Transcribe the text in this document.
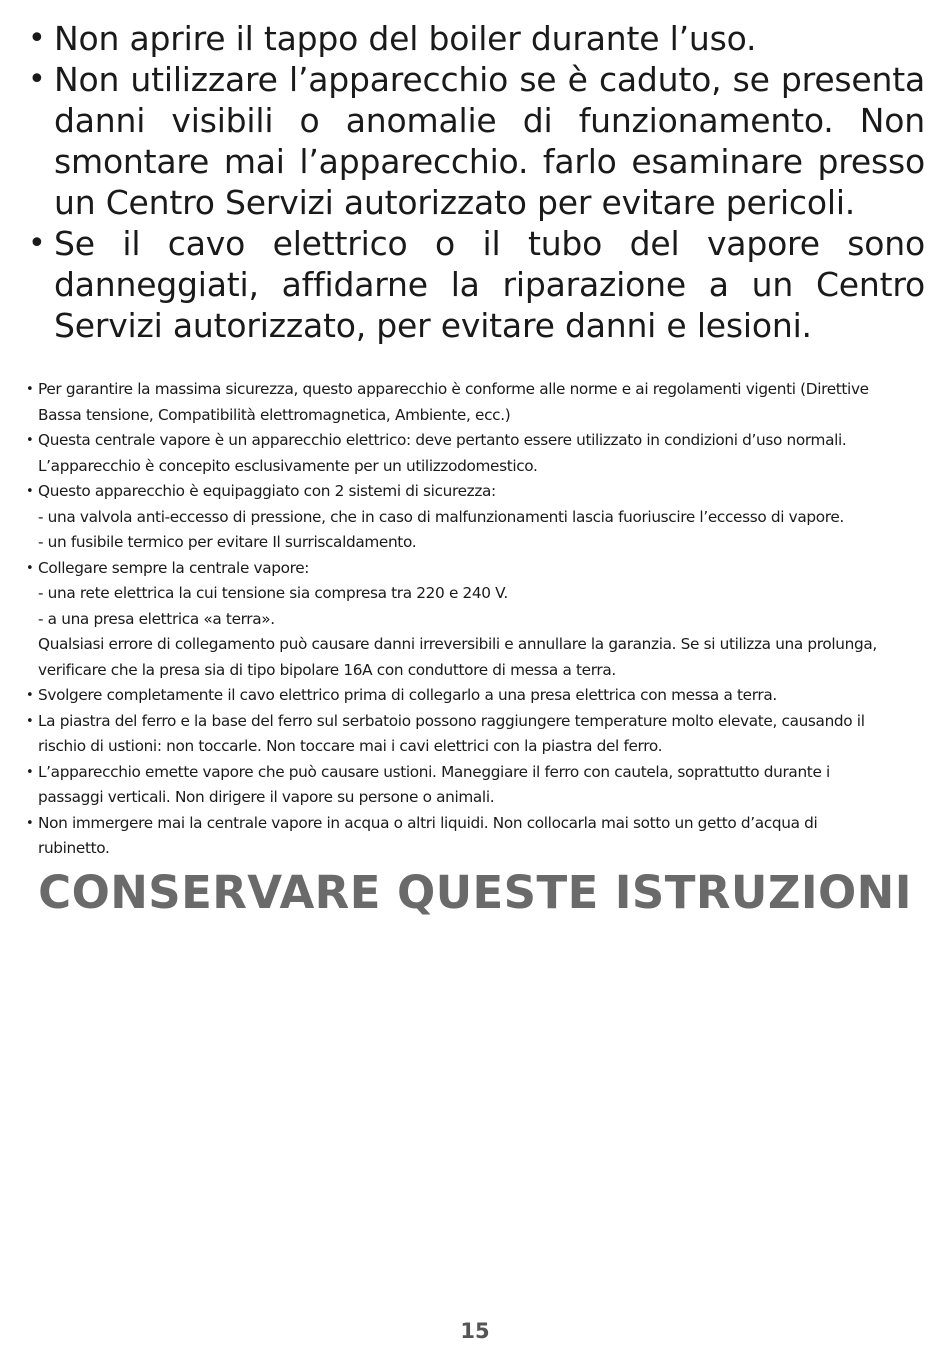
• Non aprire il tappo del boiler durante l’uso.
• Non utilizzare l’apparecchio se è caduto, se presenta danni visibili o anomalie di funzionamento. Non smontare mai l’apparecchio. farlo esaminare presso un Centro Servizi autorizzato per evitare pericoli.
• Se il cavo elettrico o il tubo del vapore sono danneggiati, affidarne la riparazione a un Centro Servizi autorizzato, per evitare danni e lesioni.
• Per garantire la massima sicurezza, questo apparecchio è conforme alle norme e ai regolamenti vigenti (Direttive
Bassa tensione, Compatibilità elettromagnetica, Ambiente, ecc.)
• Questa centrale vapore è un apparecchio elettrico: deve pertanto essere utilizzato in condizioni d’uso normali.
L’apparecchio è concepito esclusivamente per un utilizzodomestico.
• Questo apparecchio è equipaggiato con 2 sistemi di sicurezza:
- una valvola anti-eccesso di pressione, che in caso di malfunzionamenti lascia fuoriuscire l’eccesso di vapore.
- un fusibile termico per evitare Il surriscaldamento.
• Collegare sempre la centrale vapore:
- una rete elettrica la cui tensione sia compresa tra 220 e 240 V.
- a una presa elettrica «a terra».
Qualsiasi errore di collegamento può causare danni irreversibili e annullare la garanzia. Se si utilizza una prolunga,
verificare che la presa sia di tipo bipolare 16A con conduttore di messa a terra.
• Svolgere completamente il cavo elettrico prima di collegarlo a una presa elettrica con messa a terra.
• La piastra del ferro e la base del ferro sul serbatoio possono raggiungere temperature molto elevate, causando il
rischio di ustioni: non toccarle. Non toccare mai i cavi elettrici con la piastra del ferro.
• L’apparecchio emette vapore che può causare ustioni. Maneggiare il ferro con cautela, soprattutto durante i
passaggi verticali. Non dirigere il vapore su persone o animali.
• Non immergere mai la centrale vapore in acqua o altri liquidi. Non collocarla mai sotto un getto d’acqua di
rubinetto.
CONSERVARE QUESTE ISTRUZIONI
15
